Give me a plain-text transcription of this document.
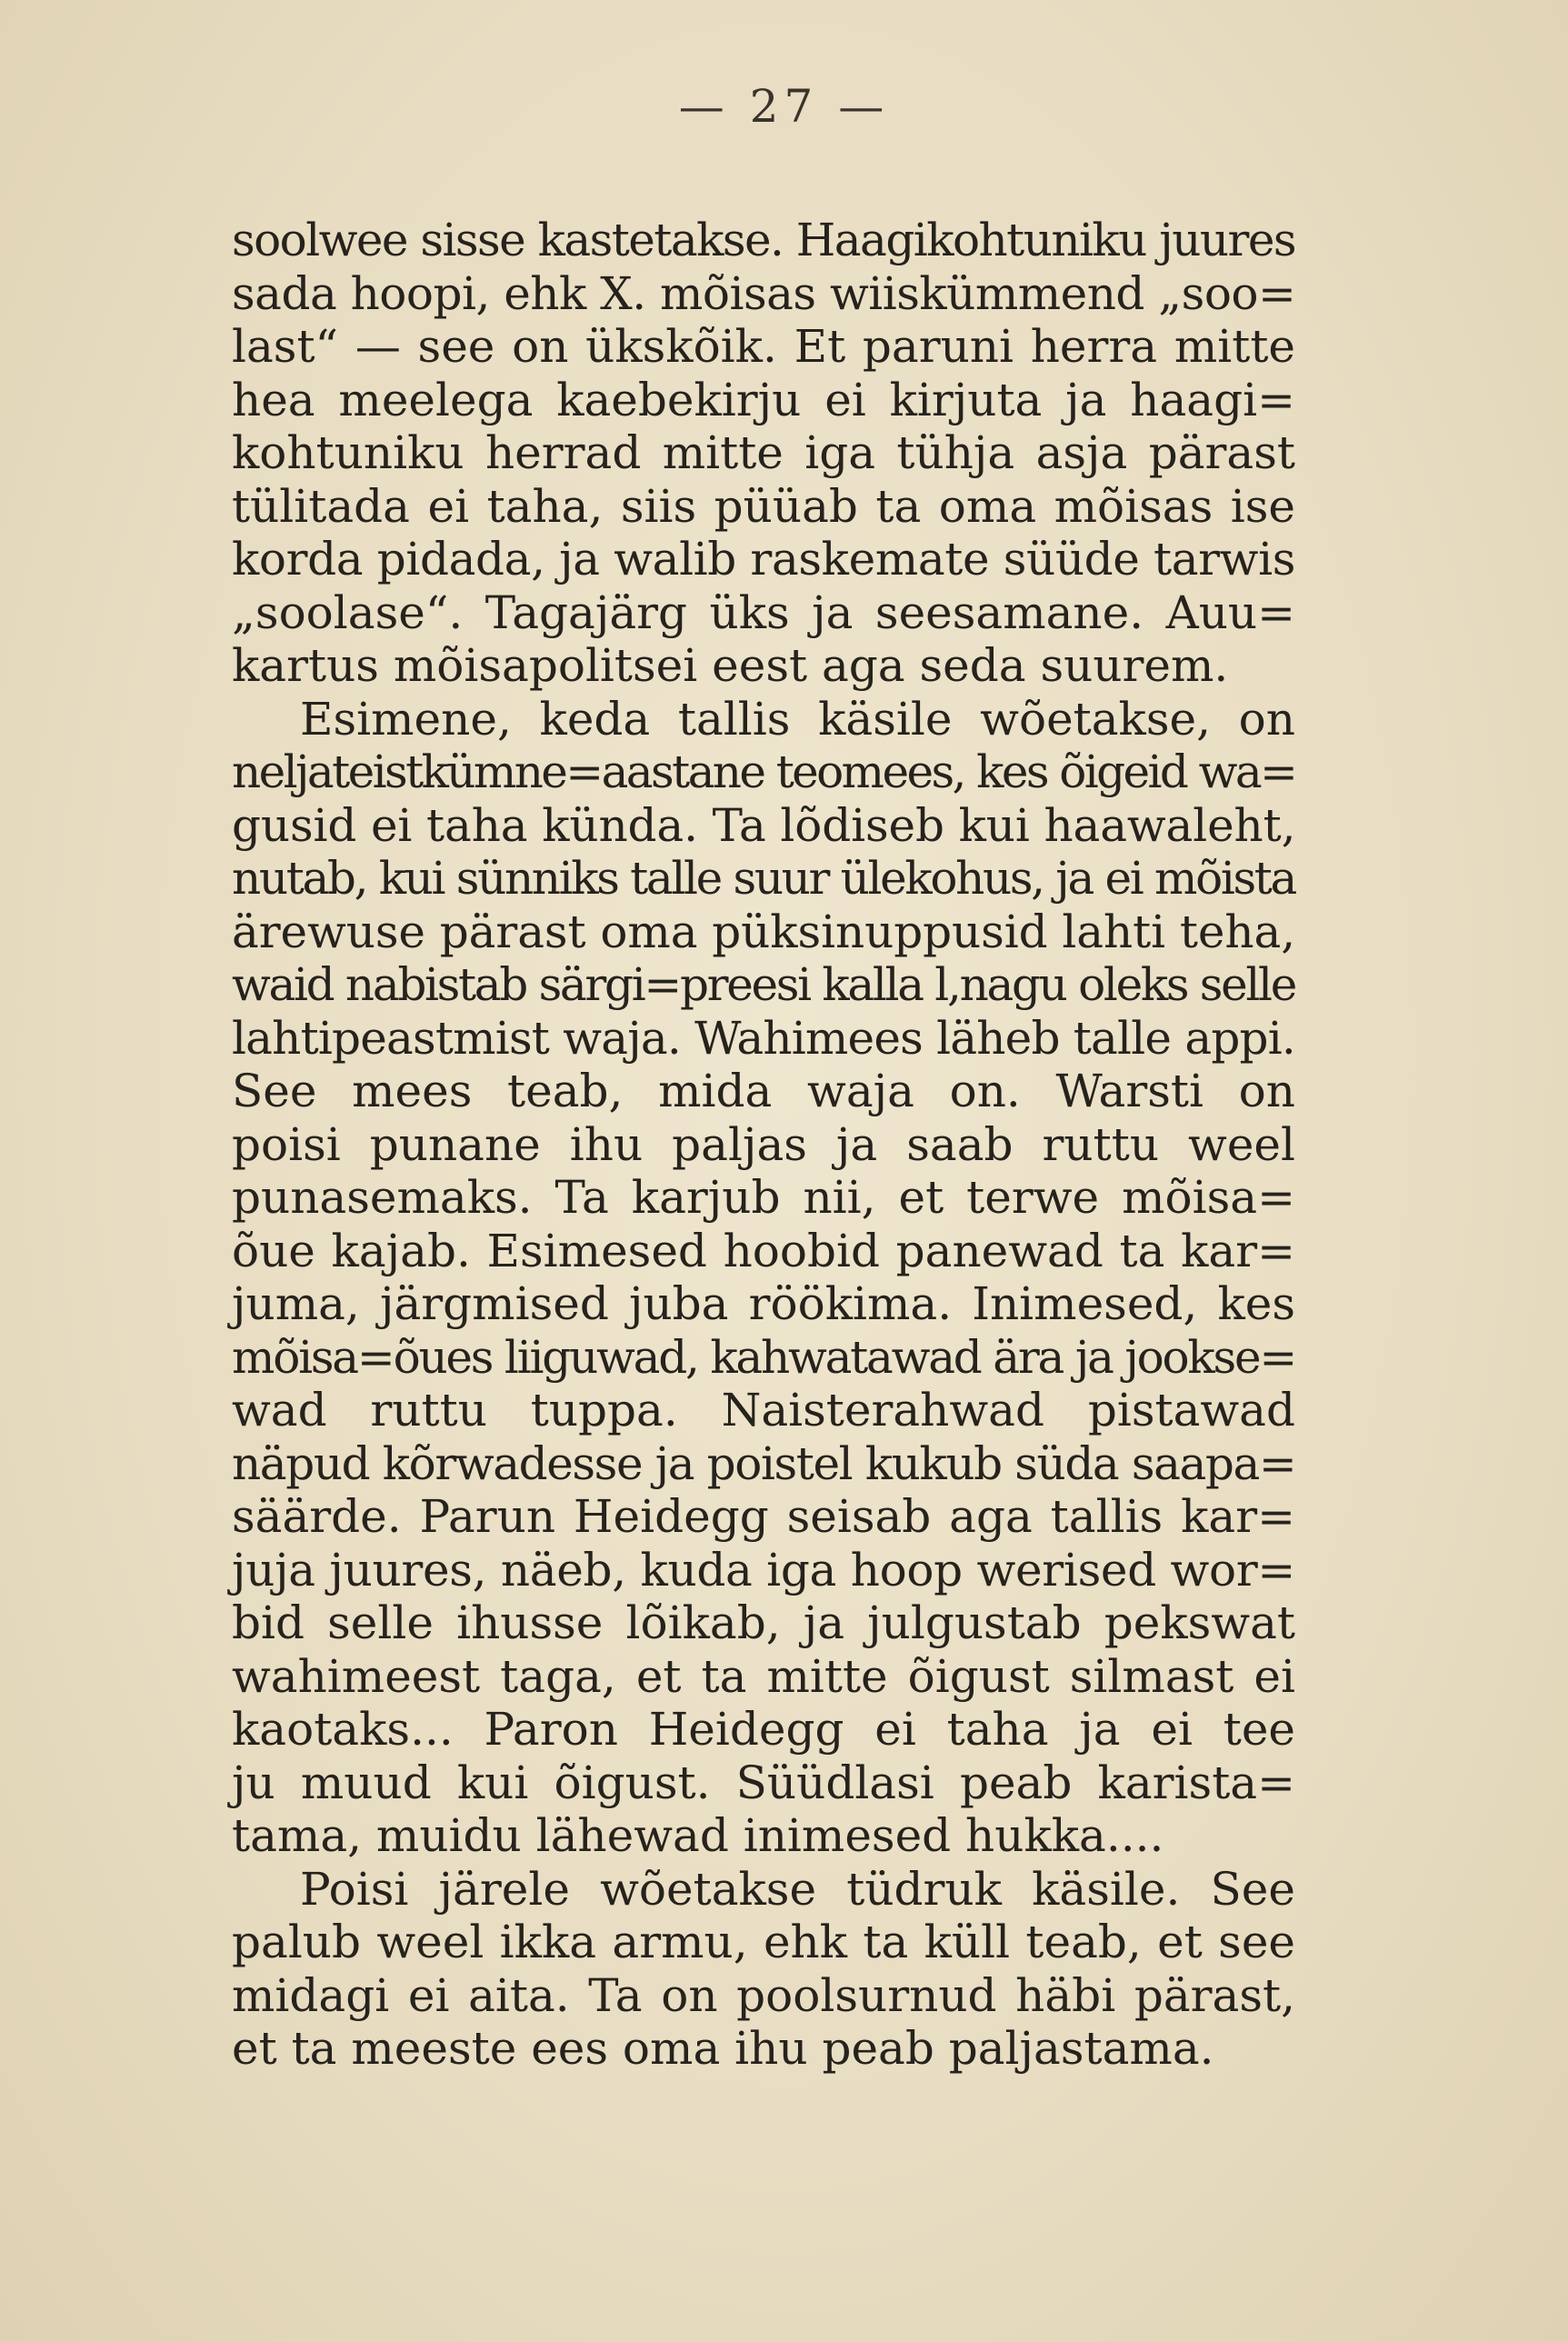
— 27 —
soolwee sisse kastetakse. Haagikohtuniku juures
sada hoopi, ehk X. mõisas wiiskümmend „soo=
last“ — see on ükskõik. Et paruni herra mitte
hea meelega kaebekirju ei kirjuta ja haagi=
kohtuniku herrad mitte iga tühja asja pärast
tülitada ei taha, siis püüab ta oma mõisas ise
korda pidada, ja walib raskemate süüde tarwis
„soolase“. Tagajärg üks ja seesamane. Auu=
kartus mõisapolitsei eest aga seda suurem.
Esimene, keda tallis käsile wõetakse, on
neljateistkümne=aastane teomees, kes õigeid wa=
gusid ei taha künda. Ta lõdiseb kui haawaleht,
nutab, kui sünniks talle suur ülekohus, ja ei mõista
ärewuse pärast oma püksinuppusid lahti teha,
waid nabistab särgi=preesi kalla l,nagu oleks selle
lahtipeastmist waja. Wahimees läheb talle appi.
See mees teab, mida waja on. Warsti on
poisi punane ihu paljas ja saab ruttu weel
punasemaks. Ta karjub nii, et terwe mõisa=
õue kajab. Esimesed hoobid panewad ta kar=
juma, järgmised juba röökima. Inimesed, kes
mõisa=õues liiguwad, kahwatawad ära ja jookse=
wad ruttu tuppa. Naisterahwad pistawad
näpud kõrwadesse ja poistel kukub süda saapa=
säärde. Parun Heidegg seisab aga tallis kar=
juja juures, näeb, kuda iga hoop werised wor=
bid selle ihusse lõikab, ja julgustab pekswat
wahimeest taga, et ta mitte õigust silmast ei
kaotaks... Paron Heidegg ei taha ja ei tee
ju muud kui õigust. Süüdlasi peab karista=
tama, muidu lähewad inimesed hukka....
Poisi järele wõetakse tüdruk käsile. See
palub weel ikka armu, ehk ta küll teab, et see
midagi ei aita. Ta on poolsurnud häbi pärast,
et ta meeste ees oma ihu peab paljastama.
